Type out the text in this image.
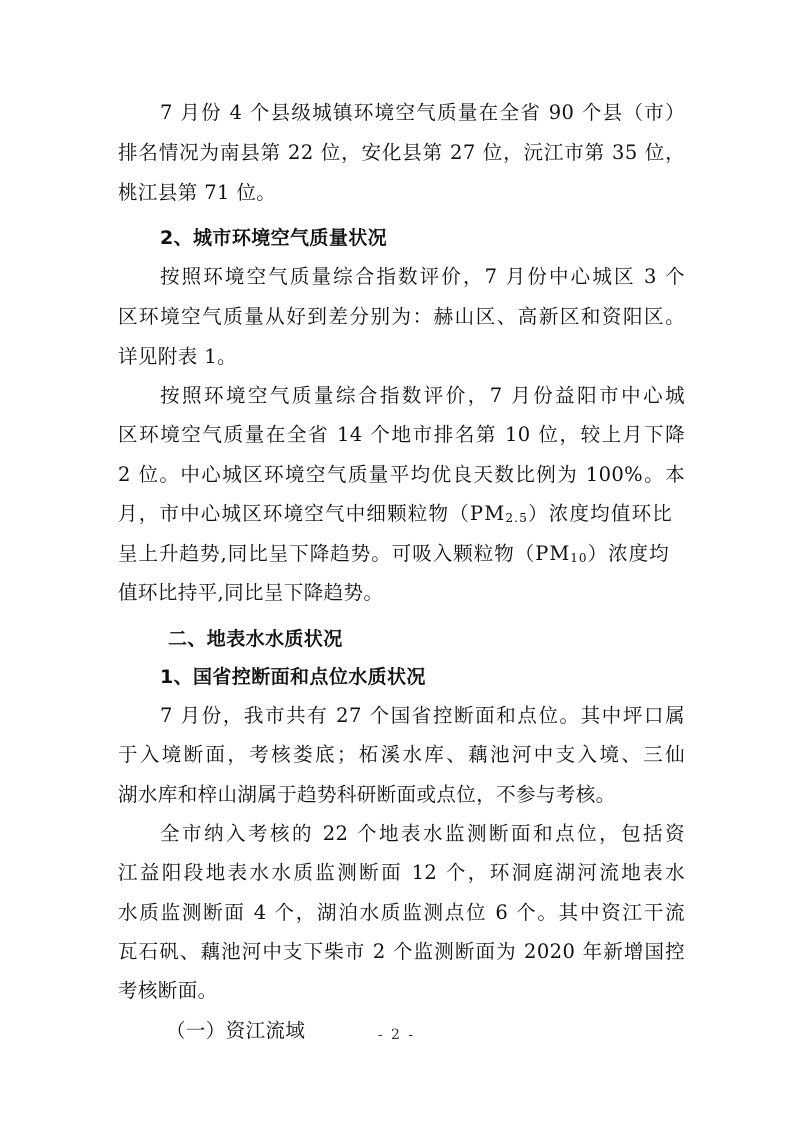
7 月份 4 个县级城镇环境空气质量在全省 90 个县（市）
排名情况为南县第 22 位，安化县第 27 位，沅江市第 35 位，
桃江县第 71 位。
2、城市环境空气质量状况
按照环境空气质量综合指数评价，7 月份中心城区 3 个
区环境空气质量从好到差分别为：赫山区、高新区和资阳区。
详见附表 1。
按照环境空气质量综合指数评价，7 月份益阳市中心城
区环境空气质量在全省 14 个地市排名第 10 位，较上月下降
2 位。中心城区环境空气质量平均优良天数比例为 100%。本
月，市中心城区环境空气中细颗粒物$(PM_{2.5})$浓度均值环比
呈上升趋势,同比呈下降趋势。可吸入颗粒物$(PM_{10})$浓度均
值环比持平,同比呈下降趋势。
二、地表水水质状况
1、国省控断面和点位水质状况
7 月份，我市共有 27 个国省控断面和点位。其中坪口属
于入境断面，考核娄底；柘溪水库、藕池河中支入境、三仙
湖水库和梓山湖属于趋势科研断面或点位，不参与考核。
全市纳入考核的 22 个地表水监测断面和点位，包括资
江益阳段地表水水质监测断面 12 个，环洞庭湖河流地表水
水质监测断面 4 个，湖泊水质监测点位 6 个。其中资江干流
瓦石矾、藕池河中支下柴市 2 个监测断面为 2020 年新增国控
考核断面。
（一）资江流域	- 2 -
